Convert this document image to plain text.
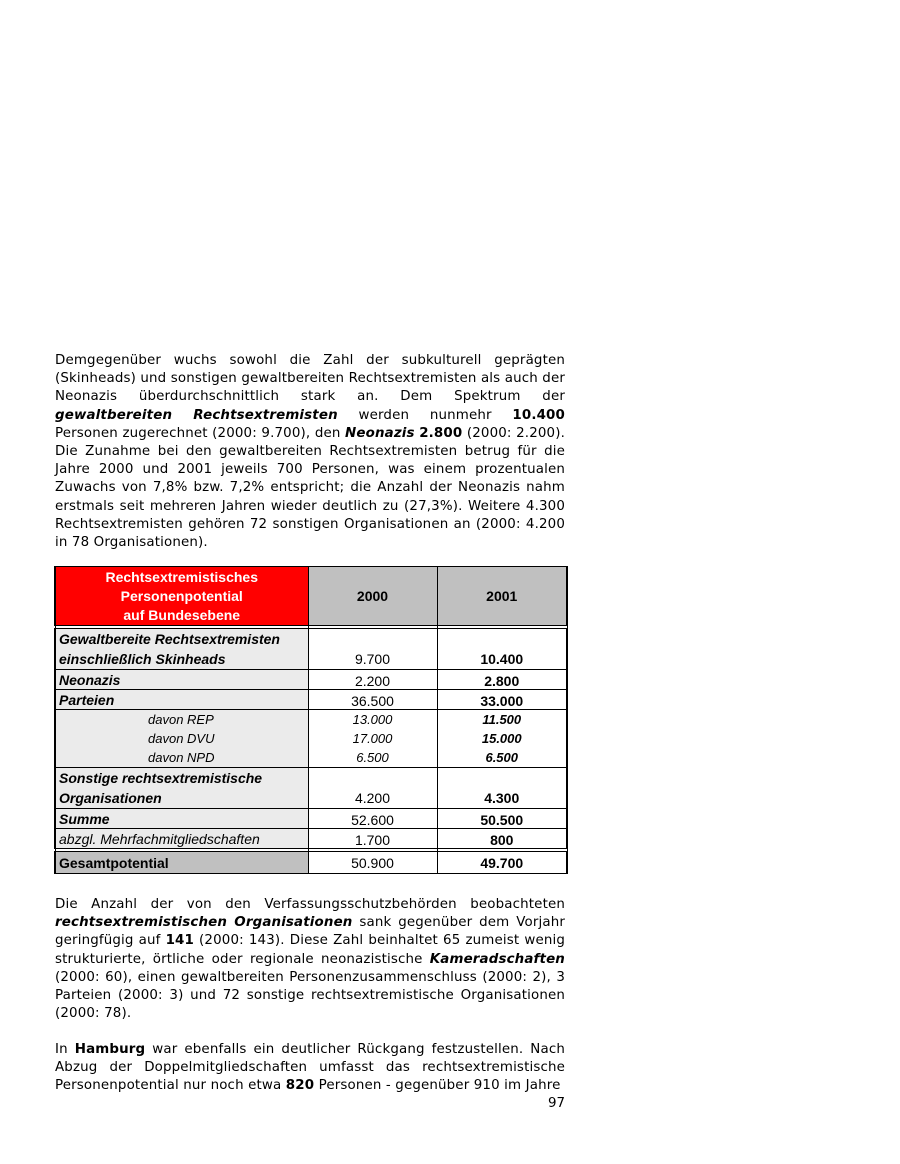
Demgegenüber wuchs sowohl die Zahl der subkulturell geprägten (Skinheads) und sonstigen gewaltbereiten Rechtsextremisten als auch der Neonazis überdurchschnittlich stark an. Dem Spektrum der gewaltbereiten Rechtsextremisten werden nunmehr 10.400 Personen zugerechnet (2000: 9.700), den Neonazis 2.800 (2000: 2.200). Die Zunahme bei den gewaltbereiten Rechtsextremisten betrug für die Jahre 2000 und 2001 jeweils 700 Personen, was einem prozentualen Zuwachs von 7,8% bzw. 7,2% entspricht; die Anzahl der Neonazis nahm erstmals seit mehreren Jahren wieder deutlich zu (27,3%). Weitere 4.300 Rechtsextremisten gehören 72 sonstigen Organisationen an (2000: 4.200 in 78 Organisationen).
Rechtsextremistisches
Personenpotential
auf Bundesebene	2000	2001

Gewaltbereite Rechtsextremisten
einschließlich Skinheads	9.700	10.400
Neonazis	2.200	2.800
Parteien	36.500	33.000
davon REP	13.000	11.500
davon DVU	17.000	15.000
davon NPD	6.500	6.500

Sonstige rechtsextremistische
Organisationen	4.200	4.300
Summe	52.600	50.500
abzgl. Mehrfachmitgliedschaften	1.700	800

Gesamtpotential	50.900	49.700
Die Anzahl der von den Verfassungsschutzbehörden beobachteten rechtsextremistischen Organisationen sank gegenüber dem Vorjahr geringfügig auf 141 (2000: 143). Diese Zahl beinhaltet 65 zumeist wenig strukturierte, örtliche oder regionale neonazistische Kameradschaften (2000: 60), einen gewaltbereiten Personenzusammenschluss (2000: 2), 3 Parteien (2000: 3) und 72 sonstige rechtsextremistische Organisationen (2000: 78).
In Hamburg war ebenfalls ein deutlicher Rückgang festzustellen. Nach Abzug der Doppelmitgliedschaften umfasst das rechtsextremistische Personenpotential nur noch etwa 820 Personen - gegenüber 910 im Jahre
97
